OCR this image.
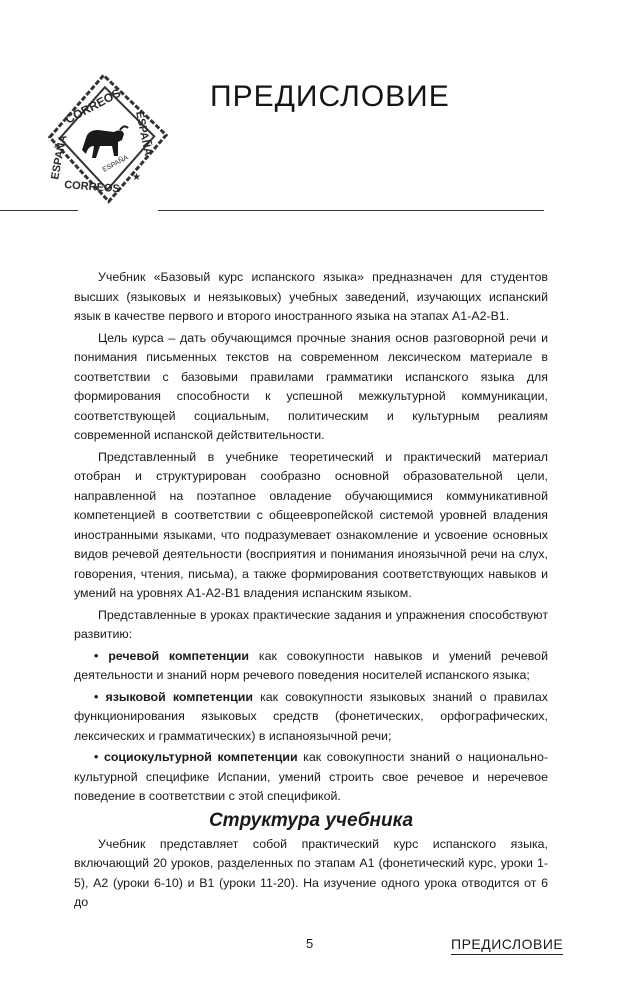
CORREOS
ESPAÑA
ESPAÑA
CORREOS
ESPAÑA
★
ПРЕДИСЛОВИЕ

Учебник «Базовый курс испанского языка» предназначен для студентов высших (языковых и неязыковых) учебных заведений, изучающих испанский язык в качестве первого и второго иностранного языка на этапах А1-А2-В1.

Цель курса – дать обучающимся прочные знания основ разговорной речи и понимания письменных текстов на современном лексическом материале в соответствии с базовыми правилами грамматики испанского языка для формирования способности к успешной межкультурной коммуникации, соответствующей социальным, политическим и культурным реалиям современной испанской действительности.

Представленный в учебнике теоретический и практический материал отобран и структурирован сообразно основной образовательной цели, направленной на поэтапное овладение обучающимися коммуникативной компетенцией в соответствии с общеевропейской системой уровней владения иностранными языками, что подразумевает ознакомление и усвоение основных видов речевой деятельности (восприятия и понимания иноязычной речи на слух, говорения, чтения, письма), а также формирования соответствующих навыков и умений на уровнях А1-А2-В1 владения испанским языком.

Представленные в уроках практические задания и упражнения способствуют развитию:

• речевой компетенции как совокупности навыков и умений речевой деятельности и знаний норм речевого поведения носителей испанского языка;

• языковой компетенции как совокупности языковых знаний о правилах функционирования языковых средств (фонетических, орфографических, лексических и грамматических) в испаноязычной речи;

• социокультурной компетенции как совокупности знаний о национально-культурной специфике Испании, умений строить свое речевое и неречевое поведение в соответствии с этой спецификой.

Структура учебника

Учебник представляет собой практический курс испанского языка, включающий 20 уроков, разделенных по этапам А1 (фонетический курс, уроки 1-5), А2 (уроки 6-10) и В1 (уроки 11-20). На изучение одного урока отводится от 6 до

5	ПРЕДИСЛОВИЕ
